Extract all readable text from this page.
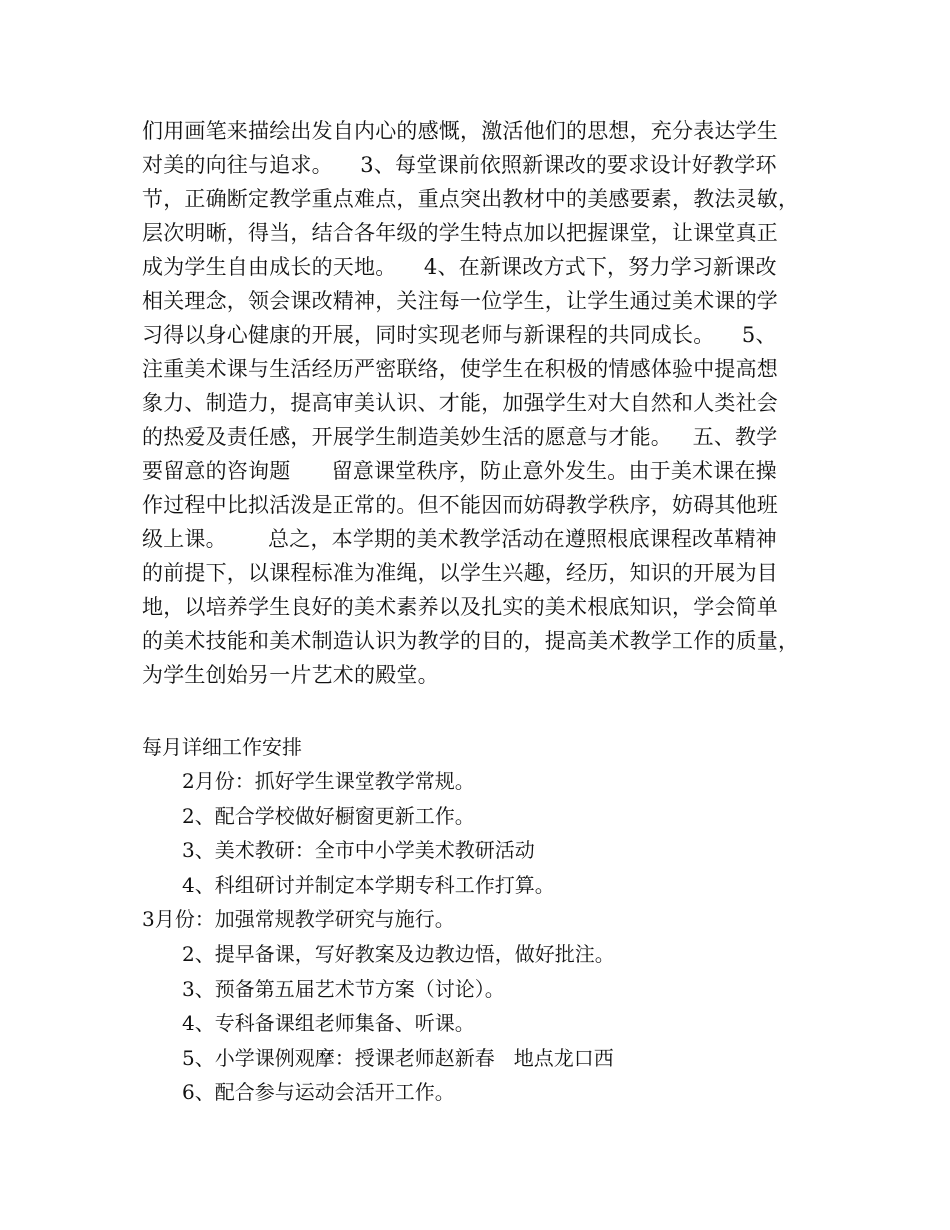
们用画笔来描绘出发自内心的感慨，激活他们的思想，充分表达学生
对美的向往与追求。    3、每堂课前依照新课改的要求设计好教学环
节，正确断定教学重点难点，重点突出教材中的美感要素，教法灵敏，
层次明晰，得当，结合各年级的学生特点加以把握课堂，让课堂真正
成为学生自由成长的天地。    4、在新课改方式下，努力学习新课改
相关理念，领会课改精神，关注每一位学生，让学生通过美术课的学
习得以身心健康的开展，同时实现老师与新课程的共同成长。    5、
注重美术课与生活经历严密联络，使学生在积极的情感体验中提高想
象力、制造力，提高审美认识、才能，加强学生对大自然和人类社会
的热爱及责任感，开展学生制造美妙生活的愿意与才能。   五、教学
要留意的咨询题      留意课堂秩序，防止意外发生。由于美术课在操
作过程中比拟活泼是正常的。但不能因而妨碍教学秩序，妨碍其他班
级上课。      总之，本学期的美术教学活动在遵照根底课程改革精神
的前提下，以课程标准为准绳，以学生兴趣，经历，知识的开展为目
地，以培养学生良好的美术素养以及扎实的美术根底知识，学会简单
的美术技能和美术制造认识为教学的目的，提高美术教学工作的质量，
为学生创始另一片艺术的殿堂。
每月详细工作安排
2月份：抓好学生课堂教学常规。
2、配合学校做好橱窗更新工作。
3、美术教研：全市中小学美术教研活动
4、科组研讨并制定本学期专科工作打算。
3月份：加强常规教学研究与施行。
2、提早备课，写好教案及边教边悟，做好批注。
3、预备第五届艺术节方案（讨论）。
4、专科备课组老师集备、听课。
5、小学课例观摩：授课老师赵新春   地点龙口西
6、配合参与运动会活开工作。
